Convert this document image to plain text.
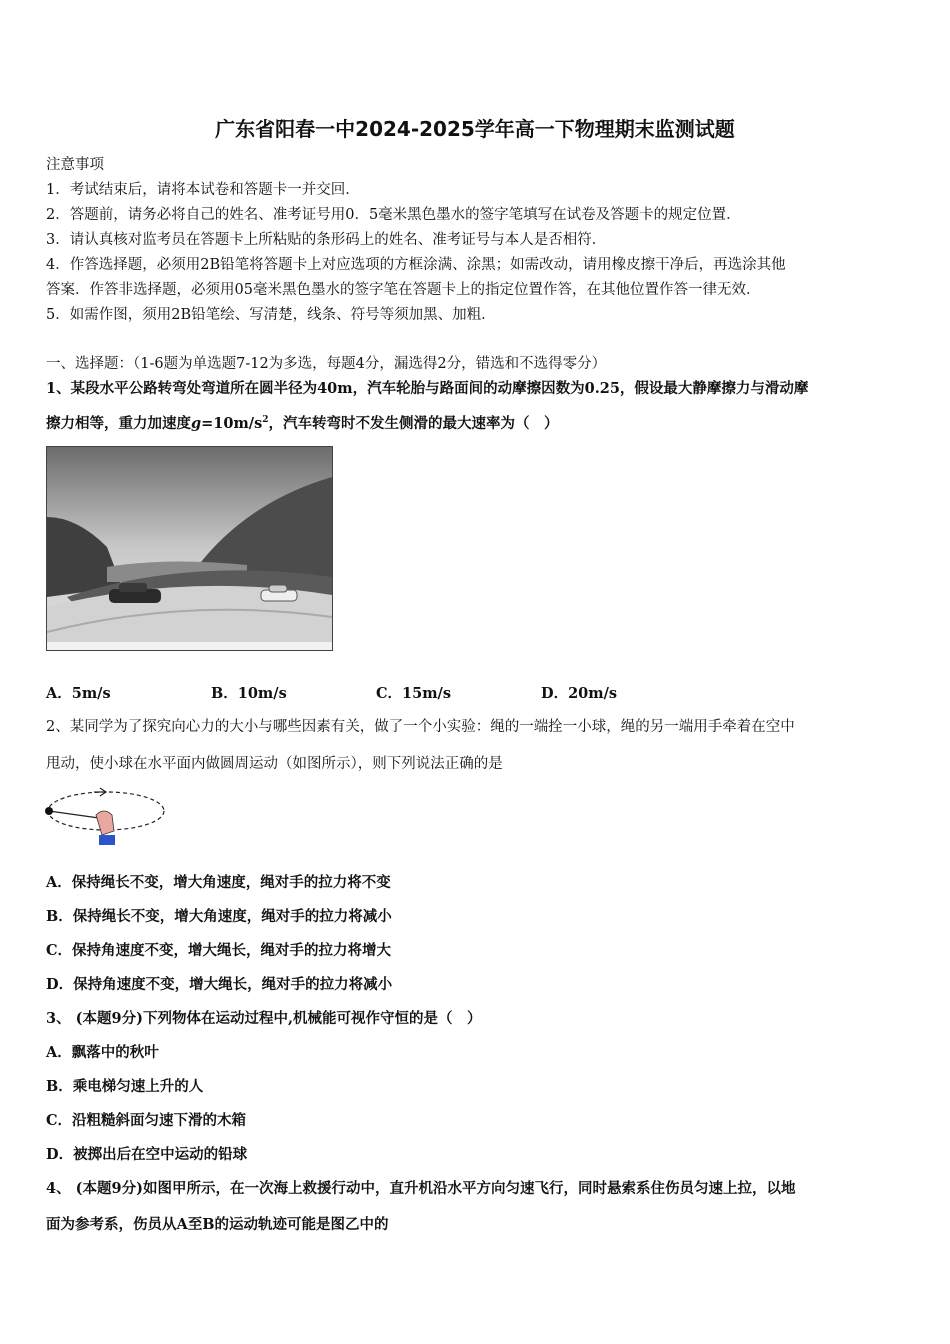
广东省阳春一中2024-2025学年高一下物理期末监测试题
注意事项
1．考试结束后，请将本试卷和答题卡一并交回．
2．答题前，请务必将自己的姓名、准考证号用0．5毫米黑色墨水的签字笔填写在试卷及答题卡的规定位置．
3．请认真核对监考员在答题卡上所粘贴的条形码上的姓名、准考证号与本人是否相符．
4．作答选择题，必须用2B铅笔将答题卡上对应选项的方框涂满、涂黑；如需改动，请用橡皮擦干净后，再选涂其他
答案．作答非选择题，必须用05毫米黑色墨水的签字笔在答题卡上的指定位置作答，在其他位置作答一律无效．
5．如需作图，须用2B铅笔绘、写清楚，线条、符号等须加黑、加粗．
一、选择题：（1-6题为单选题7-12为多选，每题4分，漏选得2分，错选和不选得零分）
1、某段水平公路转弯处弯道所在圆半径为40m，汽车轮胎与路面间的动摩擦因数为0.25，假设最大静摩擦力与滑动摩
擦力相等，重力加速度$g=10m/s^2$，汽车转弯时不发生侧滑的最大速率为（　）
A．5m/s	B．10m/s	C．15m/s	D．20m/s
2、某同学为了探究向心力的大小与哪些因素有关，做了一个小实验：绳的一端拴一小球，绳的另一端用手牵着在空中
甩动，使小球在水平面内做圆周运动（如图所示），则下列说法正确的是
A．保持绳长不变，增大角速度，绳对手的拉力将不变
B．保持绳长不变，增大角速度，绳对手的拉力将减小
C．保持角速度不变，增大绳长，绳对手的拉力将增大
D．保持角速度不变，增大绳长，绳对手的拉力将减小
3、 (本题9分)下列物体在运动过程中,机械能可视作守恒的是（　）
A．飘落中的秋叶
B．乘电梯匀速上升的人
C．沿粗糙斜面匀速下滑的木箱
D．被掷出后在空中运动的铅球
4、 (本题9分)如图甲所示，在一次海上救援行动中，直升机沿水平方向匀速飞行，同时悬索系住伤员匀速上拉，以地
面为参考系，伤员从A至B的运动轨迹可能是图乙中的
